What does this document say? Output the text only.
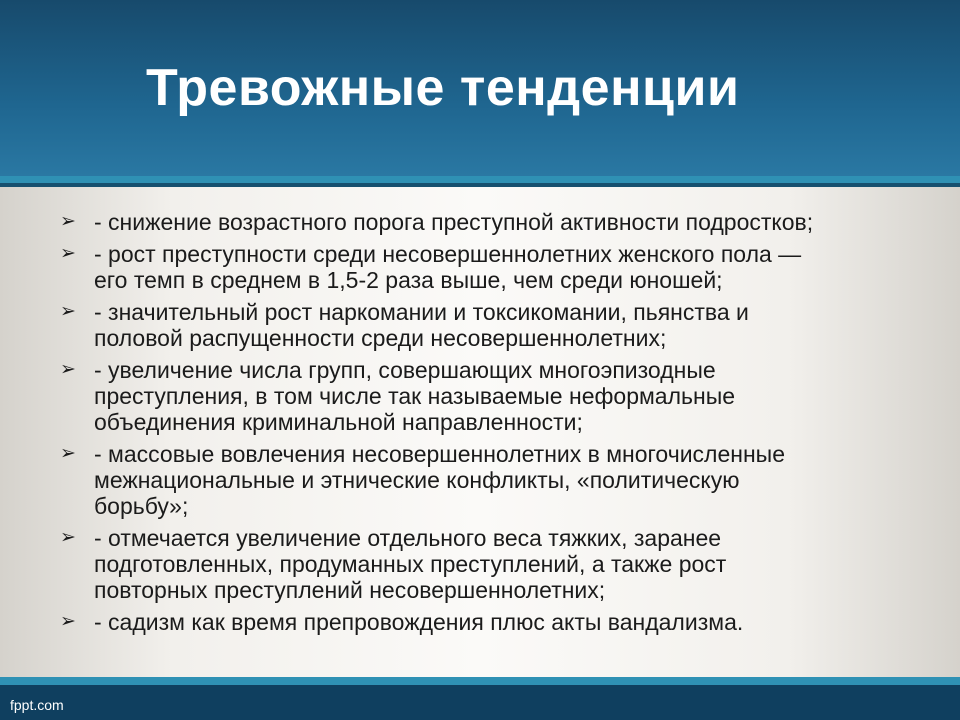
Тревожные тенденции
➢ - снижение возрастного порога преступной активности подростков;
➢ - рост преступности среди несовершеннолетних женского пола —
его темп в среднем в 1,5-2 раза выше, чем среди юношей;
➢ - значительный рост наркомании и токсикомании, пьянства и
половой распущенности среди несовершеннолетних;
➢ - увеличение числа групп, совершающих многоэпизодные
преступления, в том числе так называемые неформальные
объединения криминальной направленности;
➢ - массовые вовлечения несовершеннолетних в многочисленные
межнациональные и этнические конфликты, «политическую
борьбу»;
➢ - отмечается увеличение отдельного веса тяжких, заранее
подготовленных, продуманных преступлений, а также рост
повторных преступлений несовершеннолетних;
➢ - садизм как время препровождения плюс акты вандализма.

fppt.com
